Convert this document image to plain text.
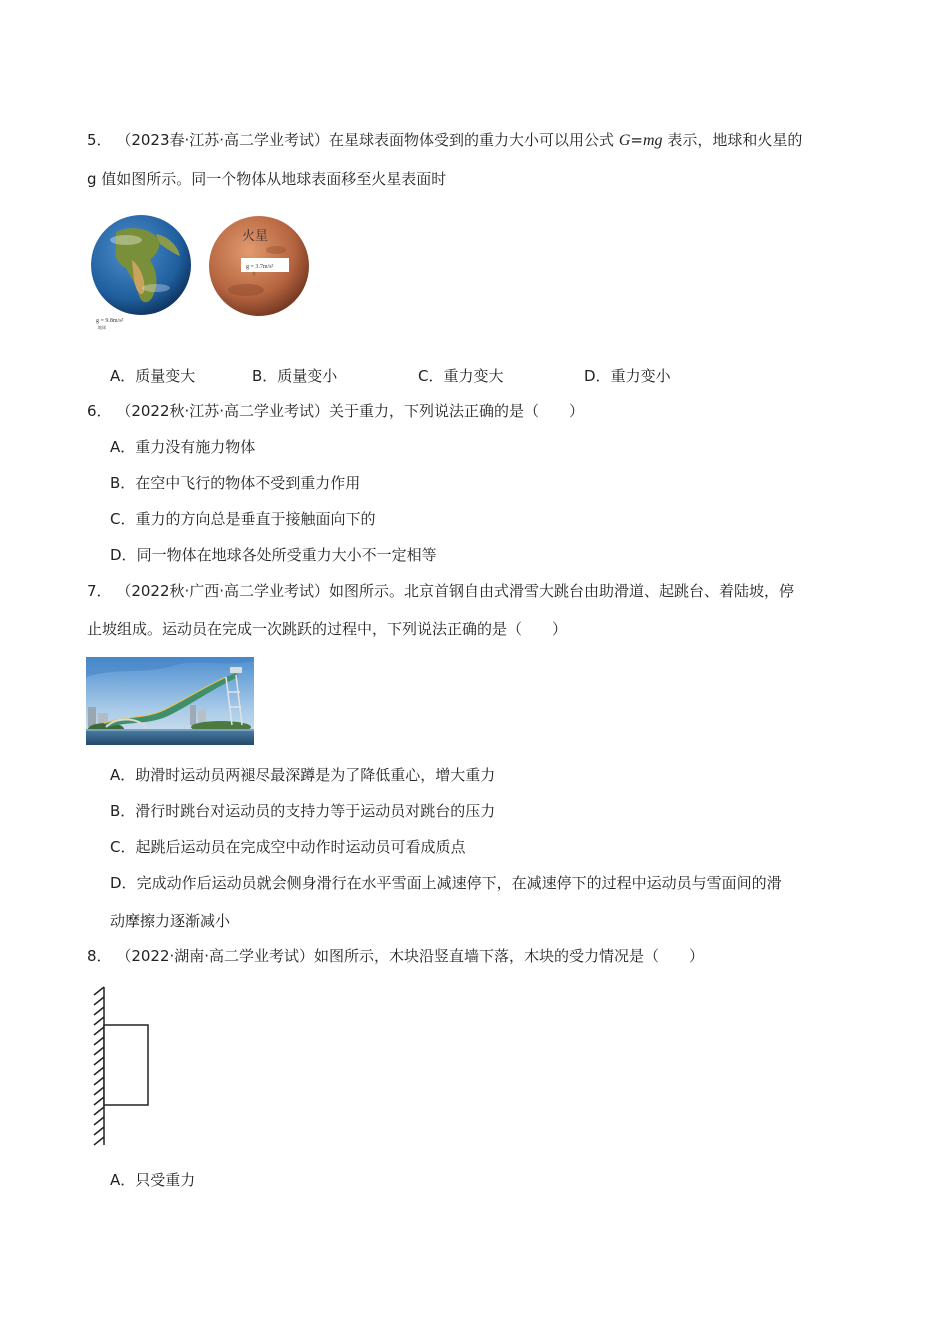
5． （2023春·江苏·高二学业考试）在星球表面物体受到的重力大小可以用公式 G=mg 表示，地球和火星的
g 值如图所示。同一个物体从地球表面移至火星表面时
g = 9.8m/s²
地球
火星
g = 3.7m/s²
火
A．质量变大	B．质量变小	C．重力变大	D．重力变小
6． （2022秋·江苏·高二学业考试）关于重力，下列说法正确的是（　　）
A．重力没有施力物体
B．在空中飞行的物体不受到重力作用
C．重力的方向总是垂直于接触面向下的
D．同一物体在地球各处所受重力大小不一定相等
7． （2022秋·广西·高二学业考试）如图所示。北京首钢自由式滑雪大跳台由助滑道、起跳台、着陆坡，停
止坡组成。运动员在完成一次跳跃的过程中，下列说法正确的是（　　）
A．助滑时运动员两褪尽最深蹲是为了降低重心，增大重力
B．滑行时跳台对运动员的支持力等于运动员对跳台的压力
C．起跳后运动员在完成空中动作时运动员可看成质点
D．完成动作后运动员就会侧身滑行在水平雪面上减速停下，在减速停下的过程中运动员与雪面间的滑
动摩擦力逐渐减小
8． （2022·湖南·高二学业考试）如图所示，木块沿竖直墙下落，木块的受力情况是（　　）
A．只受重力
